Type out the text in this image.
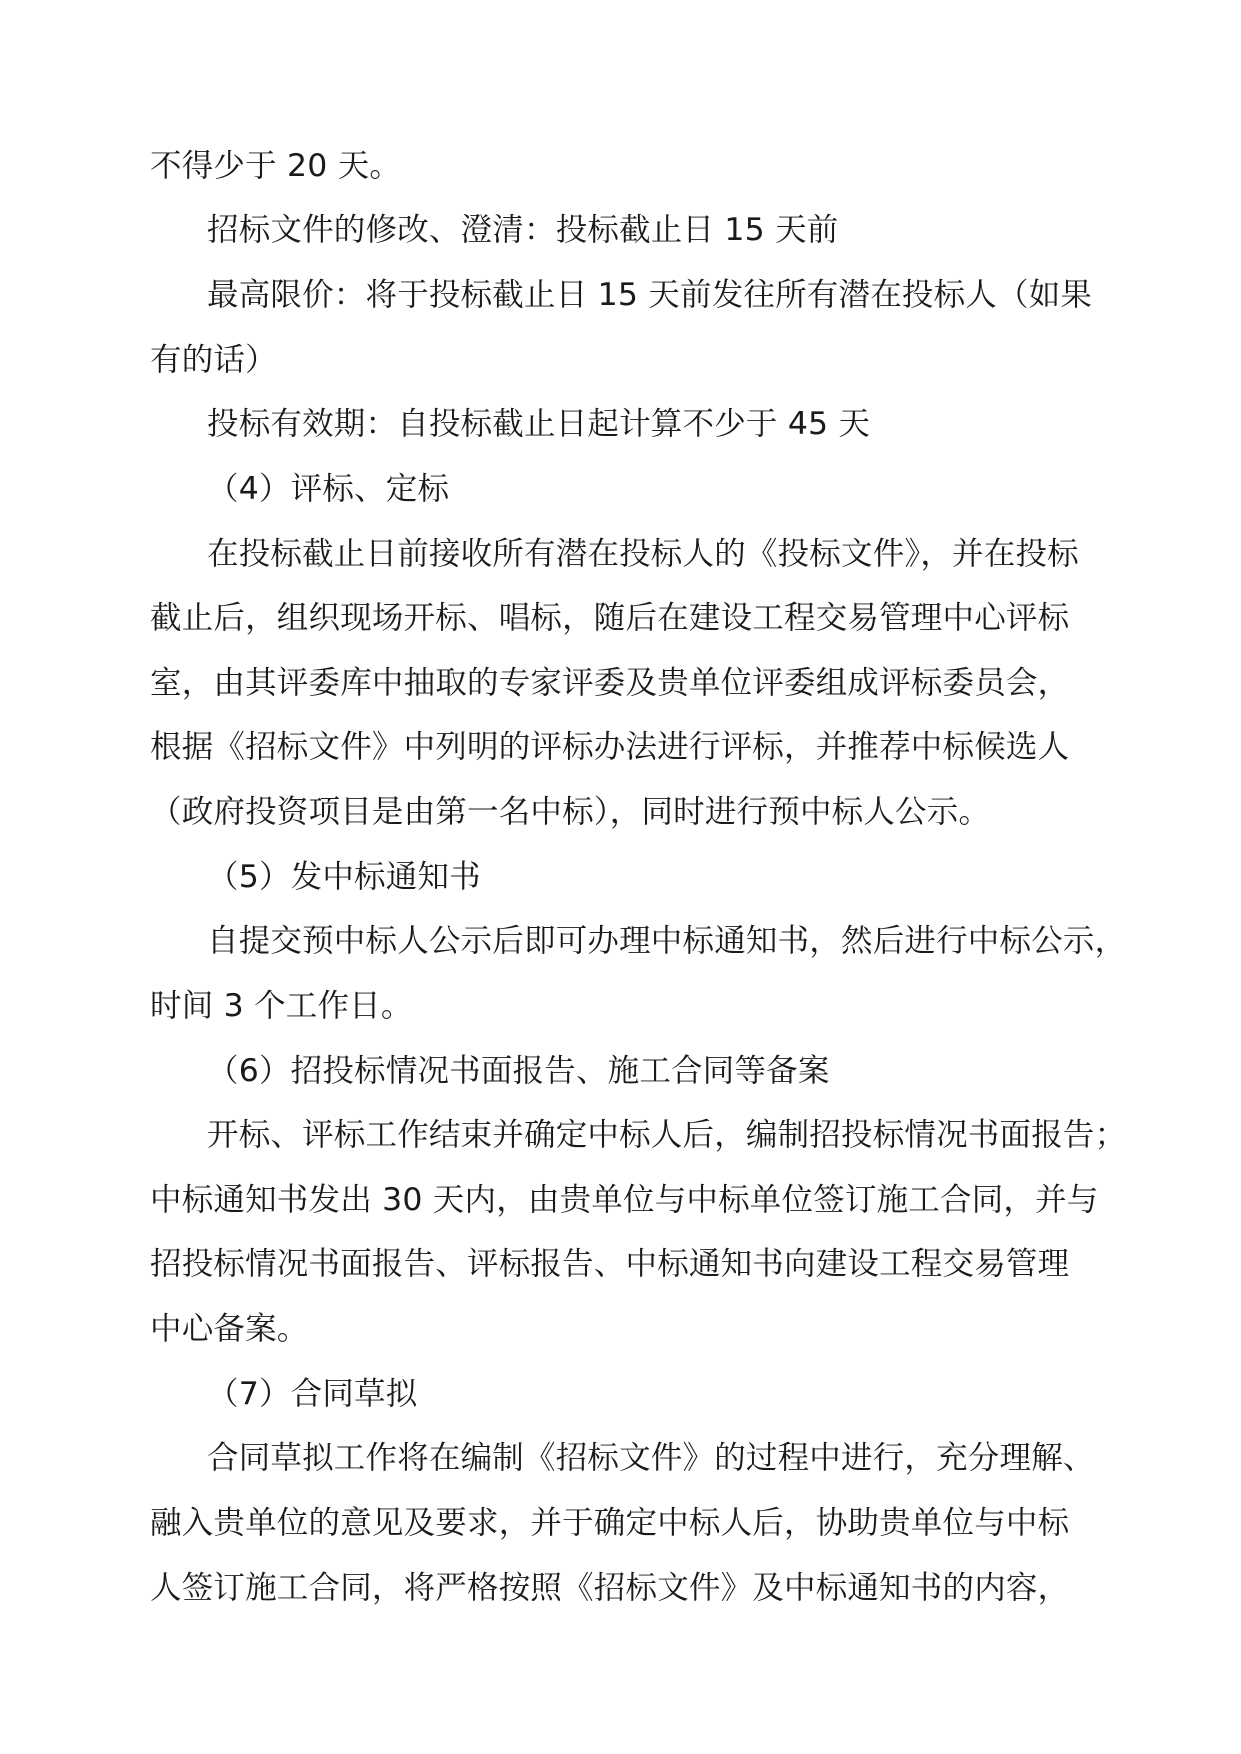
不得少于 20 天。
招标文件的修改、澄清：投标截止日 15 天前
最高限价：将于投标截止日 15 天前发往所有潜在投标人（如果
有的话）
投标有效期：自投标截止日起计算不少于 45 天
（4）评标、定标
在投标截止日前接收所有潜在投标人的《投标文件》，并在投标
截止后，组织现场开标、唱标，随后在建设工程交易管理中心评标
室，由其评委库中抽取的专家评委及贵单位评委组成评标委员会，
根据《招标文件》中列明的评标办法进行评标，并推荐中标候选人
（政府投资项目是由第一名中标），同时进行预中标人公示。
（5）发中标通知书
自提交预中标人公示后即可办理中标通知书，然后进行中标公示，
时间 3 个工作日。
（6）招投标情况书面报告、施工合同等备案
开标、评标工作结束并确定中标人后，编制招投标情况书面报告；
中标通知书发出 30 天内，由贵单位与中标单位签订施工合同，并与
招投标情况书面报告、评标报告、中标通知书向建设工程交易管理
中心备案。
（7）合同草拟
合同草拟工作将在编制《招标文件》的过程中进行，充分理解、
融入贵单位的意见及要求，并于确定中标人后，协助贵单位与中标
人签订施工合同，将严格按照《招标文件》及中标通知书的内容，
